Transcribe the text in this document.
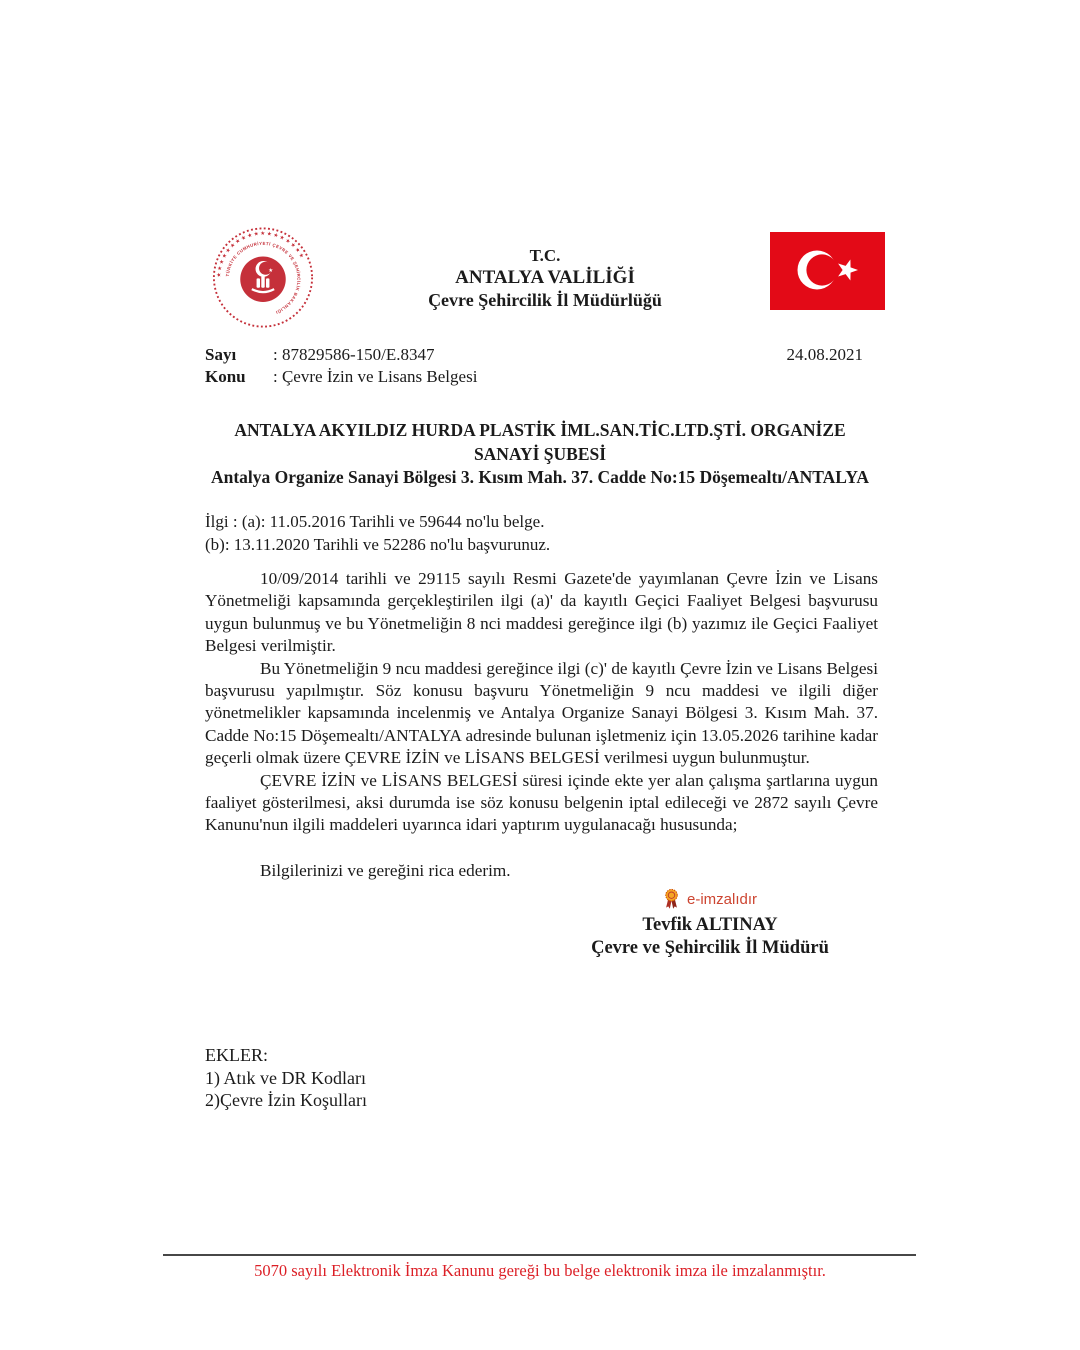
★ ★ ★ ★ ★ ★ ★ ★ ★ ★ ★ ★ ★ ★ ★ ★ ★ ★
TÜRKİYE CUMHURİYETİ ÇEVRE VE ŞEHİRCİLİK BAKANLIĞI
T.C.
ANTALYA VALİLİĞİ
Çevre Şehircilik İl Müdürlüğü
Sayı	: 87829586-150/E.8347	24.08.2021
Konu	: Çevre İzin ve Lisans Belgesi
ANTALYA AKYILDIZ HURDA PLASTİK İML.SAN.TİC.LTD.ŞTİ. ORGANİZE SANAYİ ŞUBESİ
Antalya Organize Sanayi Bölgesi 3. Kısım Mah. 37. Cadde No:15 Döşemealtı/ANTALYA
İlgi : (a): 11.05.2016 Tarihli ve 59644 no'lu belge.
(b): 13.11.2020 Tarihli ve 52286 no'lu başvurunuz.

10/09/2014 tarihli ve 29115 sayılı Resmi Gazete'de yayımlanan Çevre İzin ve Lisans Yönetmeliği kapsamında gerçekleştirilen ilgi (a)' da kayıtlı Geçici Faaliyet Belgesi başvurusu uygun bulunmuş ve bu Yönetmeliğin 8 nci maddesi gereğince ilgi (b) yazımız ile Geçici Faaliyet Belgesi verilmiştir.

Bu Yönetmeliğin 9 ncu maddesi gereğince ilgi (c)' de kayıtlı Çevre İzin ve Lisans Belgesi başvurusu yapılmıştır. Söz konusu başvuru Yönetmeliğin 9 ncu maddesi ve ilgili diğer yönetmelikler kapsamında incelenmiş ve Antalya Organize Sanayi Bölgesi 3. Kısım Mah. 37. Cadde No:15 Döşemealtı/ANTALYA adresinde bulunan işletmeniz için 13.05.2026 tarihine kadar geçerli olmak üzere ÇEVRE İZİN ve LİSANS BELGESİ verilmesi uygun bulunmuştur.

ÇEVRE İZİN ve LİSANS BELGESİ süresi içinde ekte yer alan çalışma şartlarına uygun faaliyet gösterilmesi, aksi durumda ise söz konusu belgenin iptal edileceği ve 2872 sayılı Çevre Kanunu'nun ilgili maddeleri uyarınca idari yaptırım uygulanacağı hususunda;

Bilgilerinizi ve gereğini rica ederim.

e-imzalıdır
Tevfik ALTINAY
Çevre ve Şehircilik İl Müdürü
EKLER:
1) Atık ve DR Kodları
2)Çevre İzin Koşulları
5070 sayılı Elektronik İmza Kanunu gereği bu belge elektronik imza ile imzalanmıştır.
